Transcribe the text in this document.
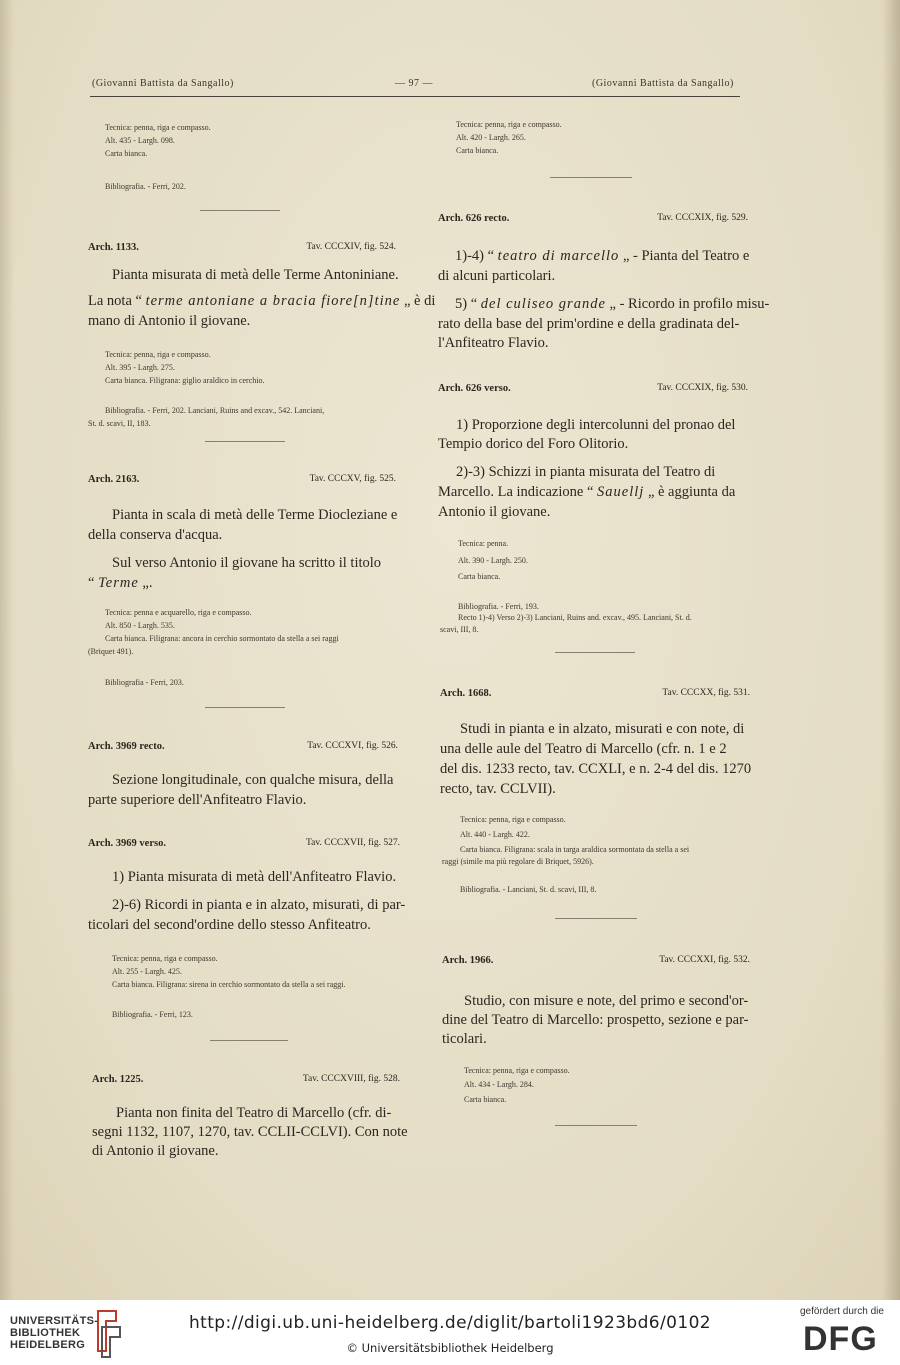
(Giovanni Battista da Sangallo)	— 97 —	(Giovanni Battista da Sangallo)
Tecnica: penna, riga e compasso.
Alt. 435 - Largh. 098.
Carta bianca.
Bibliografia. - Ferri, 202.
Arch. 1133.	Tav. CCCXIV, fig. 524.
Pianta misurata di metà delle Terme Antoniniane.
La nota “ terme antoniane a bracia fiore[n]tine „ è di
mano di Antonio il giovane.
Tecnica: penna, riga e compasso.
Alt. 395 - Largh. 275.
Carta bianca. Filigrana: giglio araldico in cerchio.
Bibliografia. - Ferri, 202. Lanciani, Ruins and excav., 542. Lanciani,
St. d. scavi, II, 183.
Arch. 2163.	Tav. CCCXV, fig. 525.
Pianta in scala di metà delle Terme Diocleziane e
della conserva d'acqua.
Sul verso Antonio il giovane ha scritto il titolo
“ Terme „.
Tecnica: penna e acquarello, riga e compasso.
Alt. 850 - Largh. 535.
Carta bianca. Filigrana: ancora in cerchio sormontato da stella a sei raggi
(Briquet 491).
Bibliografia - Ferri, 203.
Arch. 3969 recto.	Tav. CCCXVI, fig. 526.
Sezione longitudinale, con qualche misura, della
parte superiore dell'Anfiteatro Flavio.
Arch. 3969 verso.	Tav. CCCXVII, fig. 527.
1) Pianta misurata di metà dell'Anfiteatro Flavio.
2)-6) Ricordi in pianta e in alzato, misurati, di par-
ticolari del second'ordine dello stesso Anfiteatro.
Tecnica: penna, riga e compasso.
Alt. 255 - Largh. 425.
Carta bianca. Filigrana: sirena in cerchio sormontato da stella a sei raggi.
Bibliografia. - Ferri, 123.
Arch. 1225.	Tav. CCCXVIII, fig. 528.
Pianta non finita del Teatro di Marcello (cfr. di-
segni 1132, 1107, 1270, tav. CCLII-CCLVI). Con note
di Antonio il giovane.
Tecnica: penna, riga e compasso.
Alt. 420 - Largh. 265.
Carta bianca.
Arch. 626 recto.	Tav. CCCXIX, fig. 529.
1)-4) “ teatro di marcello „ - Pianta del Teatro e
di alcuni particolari.
5) “ del culiseo grande „ - Ricordo in profilo misu-
rato della base del prim'ordine e della gradinata del-
l'Anfiteatro Flavio.
Arch. 626 verso.	Tav. CCCXIX, fig. 530.
1) Proporzione degli intercolunni del pronao del
Tempio dorico del Foro Olitorio.
2)-3) Schizzi in pianta misurata del Teatro di
Marcello. La indicazione “ Sauellj „ è aggiunta da
Antonio il giovane.
Tecnica: penna.
Alt. 390 - Largh. 250.
Carta bianca.
Bibliografia. - Ferri, 193.
Recto 1)-4) Verso 2)-3) Lanciani, Ruins and. excav., 495. Lanciani, St. d.
scavi, III, 8.
Arch. 1668.	Tav. CCCXX, fig. 531.
Studi in pianta e in alzato, misurati e con note, di
una delle aule del Teatro di Marcello (cfr. n. 1 e 2
del dis. 1233 recto, tav. CCXLI, e n. 2-4 del dis. 1270
recto, tav. CCLVII).
Tecnica: penna, riga e compasso.
Alt. 440 - Largh. 422.
Carta bianca. Filigrana: scala in targa araldica sormontata da stella a sei
raggi (simile ma più regolare di Briquet, 5926).
Bibliografia. - Lanciani, St. d. scavi, III, 8.
Arch. 1966.	Tav. CCCXXI, fig. 532.
Studio, con misure e note, del primo e second'or-
dine del Teatro di Marcello: prospetto, sezione e par-
ticolari.
Tecnica: penna, riga e compasso.
Alt. 434 - Largh. 284.
Carta bianca.
UNIVERSITÄTS-
BIBLIOTHEK
HEIDELBERG
http://digi.ub.uni-heidelberg.de/diglit/bartoli1923bd6/0102
© Universitätsbibliothek Heidelberg
gefördert durch die
DFG
